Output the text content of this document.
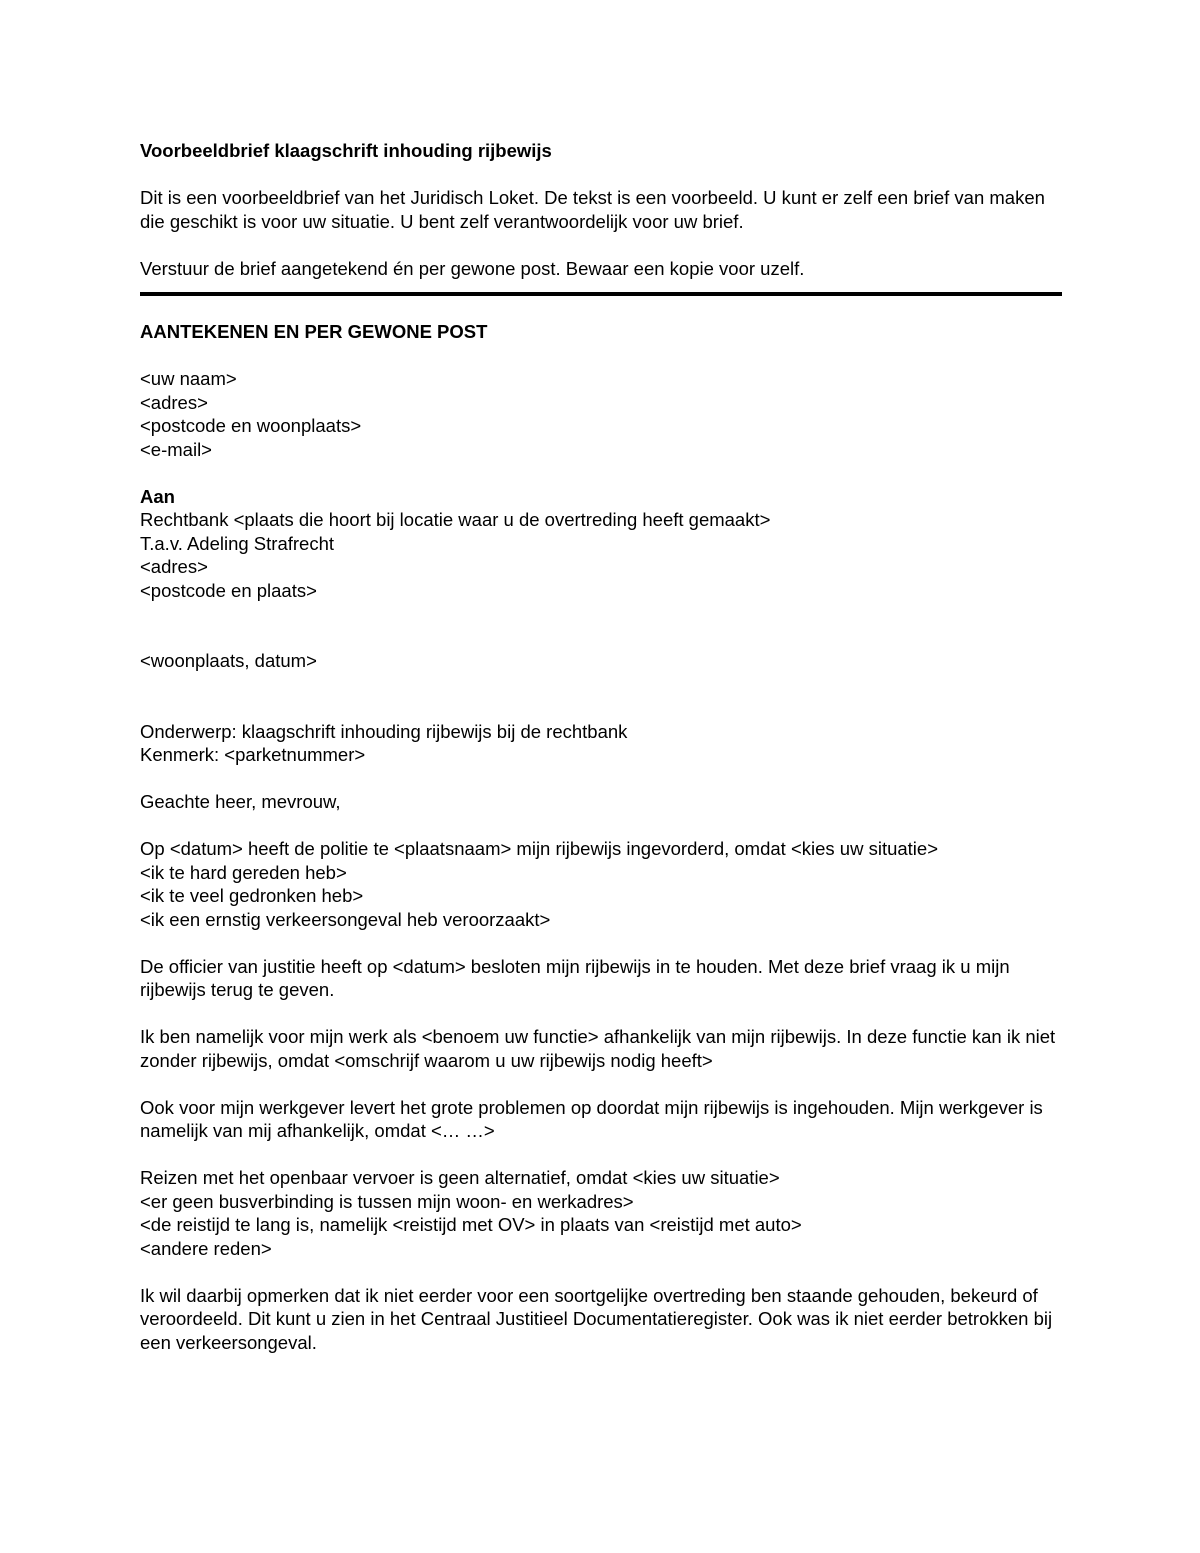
Voorbeeldbrief klaagschrift inhouding rijbewijs

Dit is een voorbeeldbrief van het Juridisch Loket. De tekst is een voorbeeld. U kunt er zelf een brief van maken die geschikt is voor uw situatie. U bent zelf verantwoordelijk voor uw brief.

Verstuur de brief aangetekend én per gewone post. Bewaar een kopie voor uzelf.

AANTEKENEN EN PER GEWONE POST

<uw naam>
<adres>
<postcode en woonplaats>
<e-mail>
Aan
Rechtbank <plaats die hoort bij locatie waar u de overtreding heeft gemaakt>
T.a.v. Adeling Strafrecht
<adres>
<postcode en plaats>

<woonplaats, datum>

Onderwerp: klaagschrift inhouding rijbewijs bij de rechtbank
Kenmerk: <parketnummer>

Geachte heer, mevrouw,

Op <datum> heeft de politie te <plaatsnaam> mijn rijbewijs ingevorderd, omdat <kies uw situatie>
<ik te hard gereden heb>
<ik te veel gedronken heb>
<ik een ernstig verkeersongeval heb veroorzaakt>

De officier van justitie heeft op <datum> besloten mijn rijbewijs in te houden. Met deze brief vraag ik u mijn rijbewijs terug te geven.

Ik ben namelijk voor mijn werk als <benoem uw functie> afhankelijk van mijn rijbewijs. In deze functie kan ik niet zonder rijbewijs, omdat <omschrijf waarom u uw rijbewijs nodig heeft>

Ook voor mijn werkgever levert het grote problemen op doordat mijn rijbewijs is ingehouden. Mijn werkgever is namelijk van mij afhankelijk, omdat <… …>

Reizen met het openbaar vervoer is geen alternatief, omdat <kies uw situatie>
<er geen busverbinding is tussen mijn woon- en werkadres>
<de reistijd te lang is, namelijk <reistijd met OV> in plaats van <reistijd met auto>
<andere reden>

Ik wil daarbij opmerken dat ik niet eerder voor een soortgelijke overtreding ben staande gehouden, bekeurd of veroordeeld. Dit kunt u zien in het Centraal Justitieel Documentatieregister. Ook was ik niet eerder betrokken bij een verkeersongeval.
